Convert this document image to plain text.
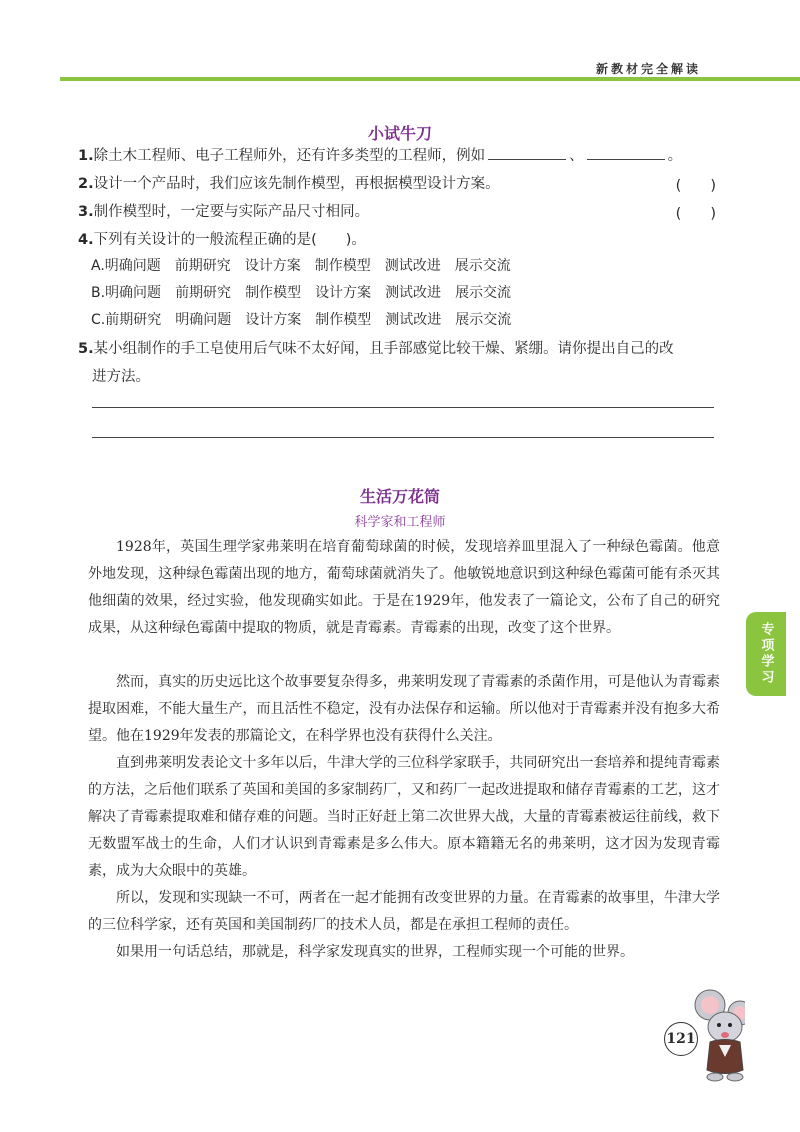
新教材完全解读
小试牛刀
1.除土木工程师、电子工程师外，还有许多类型的工程师，例如	、	。
2.设计一个产品时，我们应该先制作模型，再根据模型设计方案。	(　　)
3.制作模型时，一定要与实际产品尺寸相同。	(　　)
4.下列有关设计的一般流程正确的是(　　)。
A.明确问题 前期研究 设计方案 制作模型 测试改进 展示交流
B.明确问题 前期研究 制作模型 设计方案 测试改进 展示交流
C.前期研究 明确问题 设计方案 制作模型 测试改进 展示交流
5.某小组制作的手工皂使用后气味不太好闻，且手部感觉比较干燥、紧绷。请你提出自己的改
进方法。
生活万花筒
科学家和工程师

1928年，英国生理学家弗莱明在培育葡萄球菌的时候，发现培养皿里混入了一种绿色霉菌。他意外地发现，这种绿色霉菌出现的地方，葡萄球菌就消失了。他敏锐地意识到这种绿色霉菌可能有杀灭其他细菌的效果，经过实验，他发现确实如此。于是在1929年，他发表了一篇论文，公布了自己的研究成果，从这种绿色霉菌中提取的物质，就是青霉素。青霉素的出现，改变了这个世界。

然而，真实的历史远比这个故事要复杂得多，弗莱明发现了青霉素的杀菌作用，可是他认为青霉素提取困难，不能大量生产，而且活性不稳定，没有办法保存和运输。所以他对于青霉素并没有抱多大希望。他在1929年发表的那篇论文，在科学界也没有获得什么关注。

直到弗莱明发表论文十多年以后，牛津大学的三位科学家联手，共同研究出一套培养和提纯青霉素的方法，之后他们联系了英国和美国的多家制药厂，又和药厂一起改进提取和储存青霉素的工艺，这才解决了青霉素提取难和储存难的问题。当时正好赶上第二次世界大战，大量的青霉素被运往前线，救下无数盟军战士的生命，人们才认识到青霉素是多么伟大。原本籍籍无名的弗莱明，这才因为发现青霉素，成为大众眼中的英雄。

所以，发现和实现缺一不可，两者在一起才能拥有改变世界的力量。在青霉素的故事里，牛津大学的三位科学家，还有英国和美国制药厂的技术人员，都是在承担工程师的责任。

如果用一句话总结，那就是，科学家发现真实的世界，工程师实现一个可能的世界。

专项学习
121
